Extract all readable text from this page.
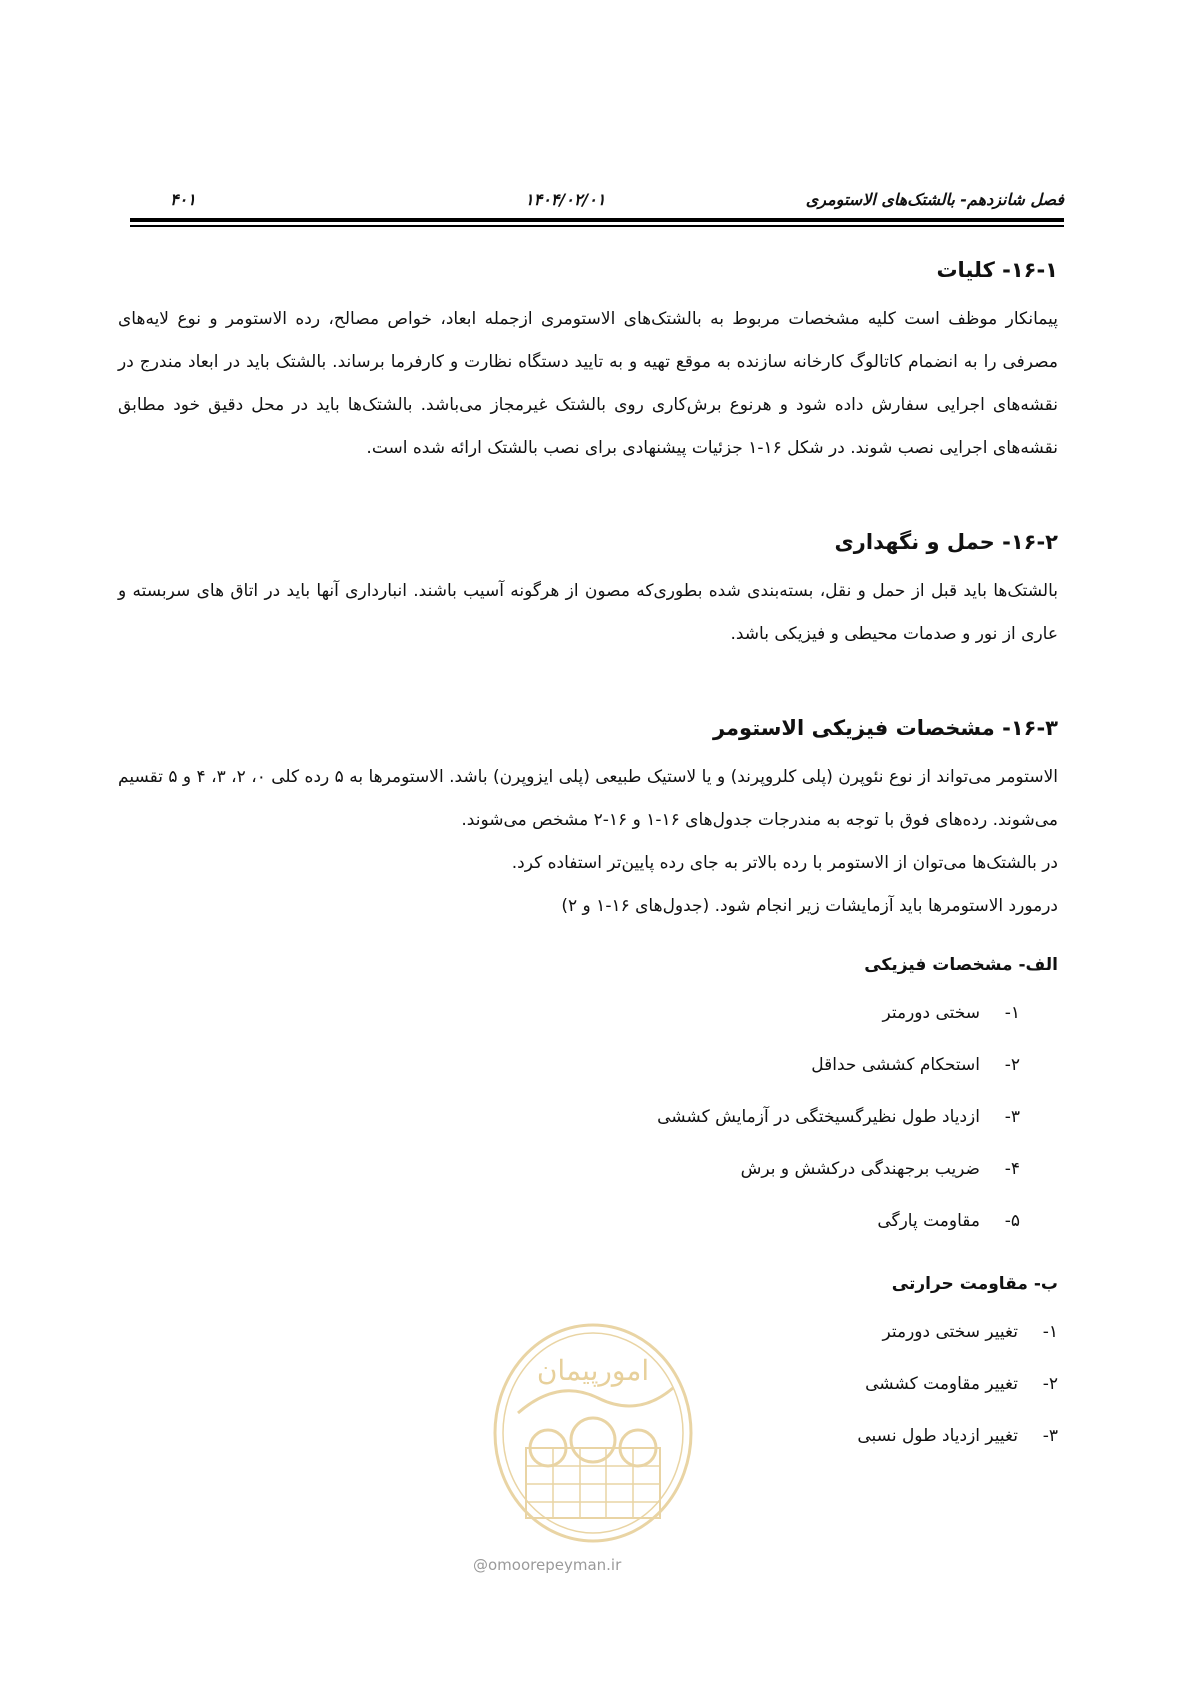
فصل شانزدهم- بالشتک‌های الاستومری
۱۴۰۴/۰۲/۰۱
۴۰۱
۱۶-۱- کلیات

پیمانکار موظف است کلیه مشخصات مربوط به بالشتک‌های الاستومری ازجمله ابعاد، خواص مصالح، رده الاستومر و نوع لایه‌های مصرفی را به انضمام کاتالوگ کارخانه سازنده به موقع تهیه و به تایید دستگاه نظارت و کارفرما برساند. بالشتک باید در ابعاد مندرج در نقشه‌های اجرایی سفارش داده شود و هرنوع برش‌کاری روی بالشتک غیرمجاز می‌باشد. بالشتک‌ها باید در محل دقیق خود مطابق نقشه‌های اجرایی نصب شوند. در شکل ۱۶-۱ جزئیات پیشنهادی برای نصب بالشتک ارائه شده است.

۱۶-۲- حمل و نگهداری

بالشتک‌ها باید قبل از حمل و نقل، بسته‌بندی شده بطوری‌که مصون از هرگونه آسیب باشند. انبارداری آنها باید در اتاق های سربسته و عاری از نور و صدمات محیطی و فیزیکی باشد.

۱۶-۳- مشخصات فیزیکی الاستومر

الاستومر می‌تواند از نوع نئوپرن (پلی کلروپرند) و یا لاستیک طبیعی (پلی ایزوپرن) باشد. الاستومرها به ۵ رده کلی ۰، ۲، ۳، ۴ و ۵ تقسیم می‌شوند. رده‌های فوق با توجه به مندرجات جدول‌های ۱۶-۱ و ۱۶-۲ مشخص می‌شوند.

در بالشتک‌ها می‌توان از الاستومر با رده بالاتر به جای رده پایین‌تر استفاده کرد.

درمورد الاستومرها باید آزمایشات زیر انجام شود. (جدول‌های ۱۶-۱ و ۲)

الف- مشخصات فیزیکی
۱-
سختی دورمتر
۲-
استحکام کششی حداقل
۳-
ازدیاد طول نظیرگسیختگی در آزمایش کششی
۴-
ضریب برجهندگی درکشش و برش
۵-
مقاومت پارگی
ب- مقاومت حرارتی
۱-
تغییر سختی دورمتر
۲-
تغییر مقاومت کششی
۳-
تغییر ازدیاد طول نسبی
امورپیمان
@omoorepeyman.ir
